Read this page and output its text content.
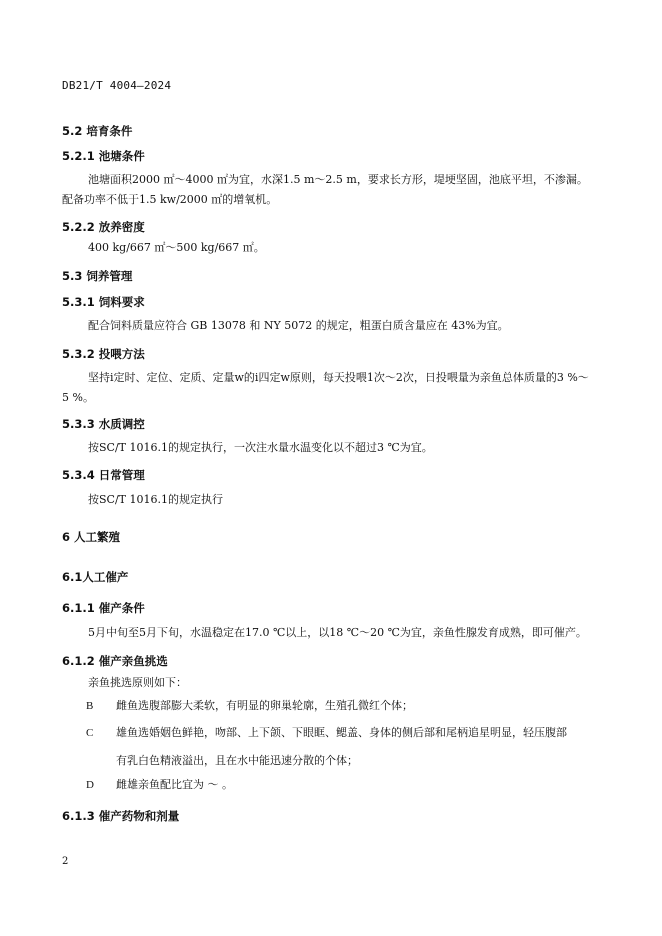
DB21/T 4004—2024
5.2 培育条件
5.2.1 池塘条件
池塘面积2000 ㎡～4000 ㎡为宜，水深1.5 m～2.5 m，要求长方形，堤埂坚固，池底平坦，不渗漏。
配备功率不低于1.5 kw/2000 ㎡的增氧机。
5.2.2 放养密度
400 kg/667 ㎡～500 kg/667 ㎡。
5.3 饲养管理
5.3.1 饲料要求
配合饲料质量应符合 GB 13078 和 NY 5072 的规定，粗蛋白质含量应在 43%为宜。
5.3.2 投喂方法
坚持i定时、定位、定质、定量w的i四定w原则，每天投喂1次～2次，日投喂量为亲鱼总体质量的3 %～
5 %。
5.3.3 水质调控
按SC/T 1016.1的规定执行，一次注水量水温变化以不超过3 ℃为宜。
5.3.4 日常管理
按SC/T 1016.1的规定执行
6 人工繁殖
6.1人工催产
6.1.1 催产条件
5月中旬至5月下旬，水温稳定在17.0 ℃以上，以18 ℃～20 ℃为宜，亲鱼性腺发育成熟，即可催产。
6.1.2 催产亲鱼挑选
亲鱼挑选原则如下：
B 雌鱼选腹部膨大柔软，有明显的卵巢轮廓，生殖孔微红个体；
C 雄鱼选婚姻色鲜艳，吻部、上下颌、下眼眶、鳃盖、身体的侧后部和尾柄追星明显，轻压腹部
有乳白色精液溢出，且在水中能迅速分散的个体；
D 雌雄亲鱼配比宜为 ～ 。
6.1.3 催产药物和剂量
2
